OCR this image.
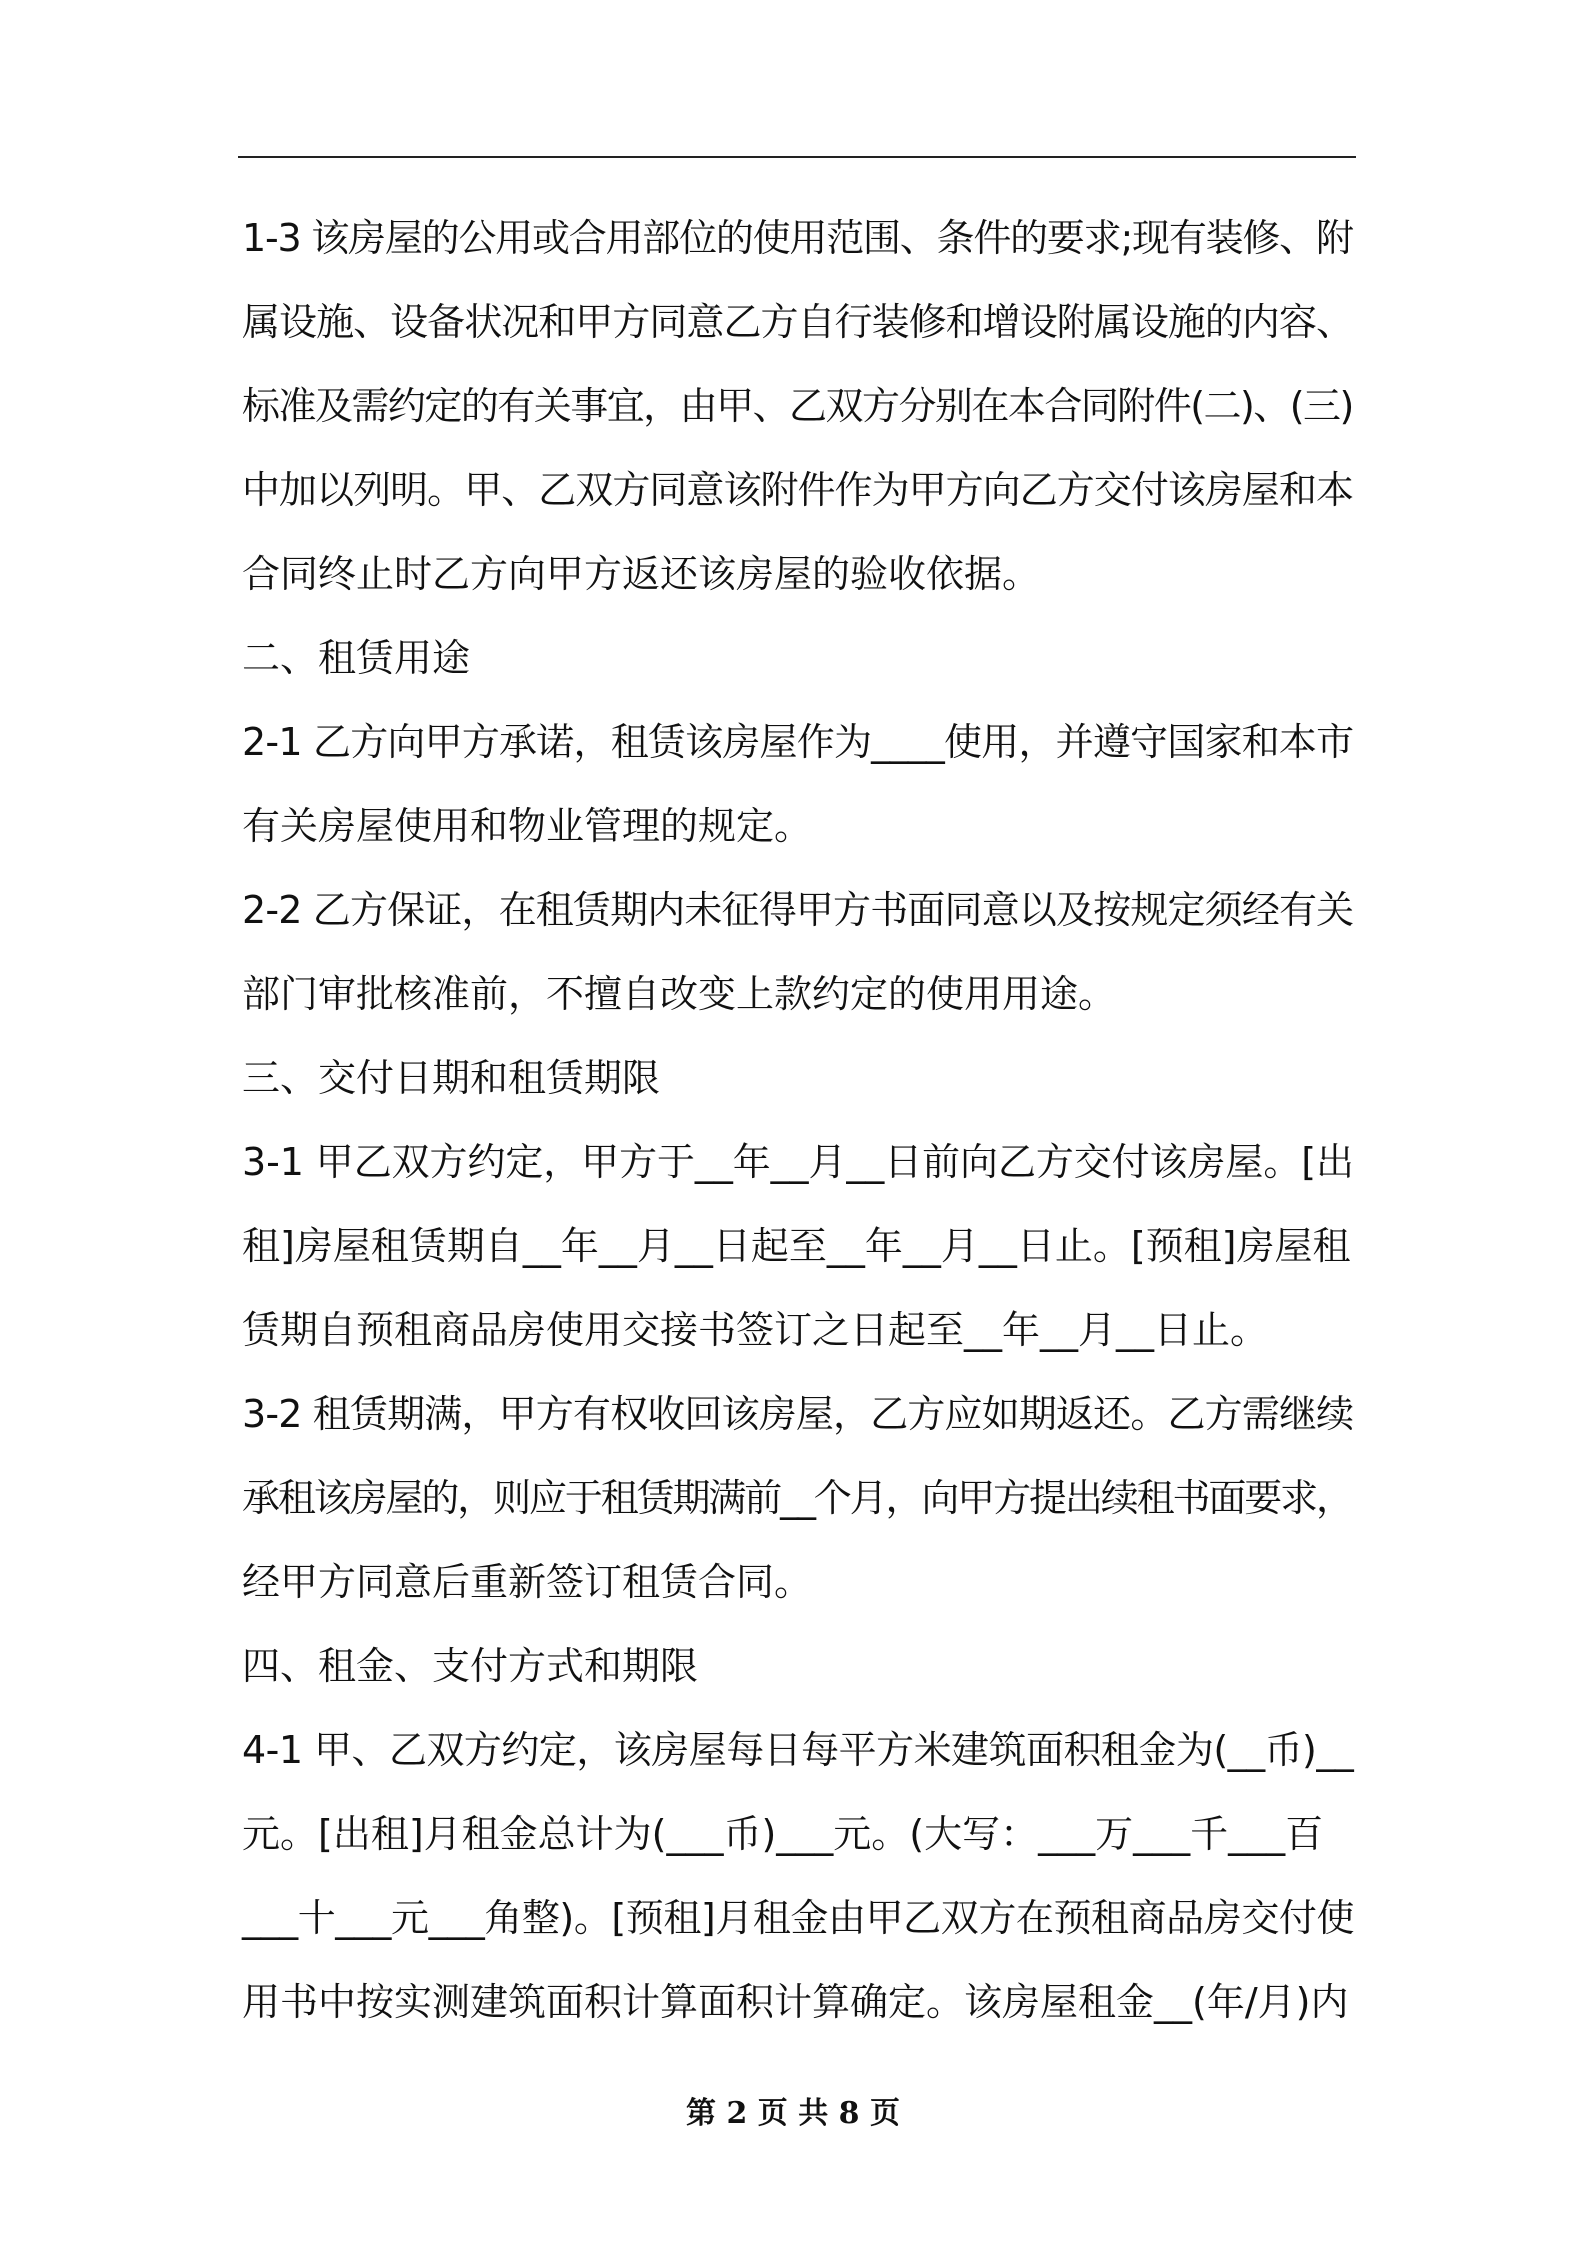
1-3 该房屋的公用或合用部位的使用范围、条件的要求;现有装修、附
属设施、设备状况和甲方同意乙方自行装修和增设附属设施的内容、
标准及需约定的有关事宜，由甲、乙双方分别在本合同附件(二)、(三)
中加以列明。甲、乙双方同意该附件作为甲方向乙方交付该房屋和本
合同终止时乙方向甲方返还该房屋的验收依据。
二、租赁用途
2-1 乙方向甲方承诺，租赁该房屋作为____使用，并遵守国家和本市
有关房屋使用和物业管理的规定。
2-2 乙方保证，在租赁期内未征得甲方书面同意以及按规定须经有关
部门审批核准前，不擅自改变上款约定的使用用途。
三、交付日期和租赁期限
3-1 甲乙双方约定，甲方于__年__月__日前向乙方交付该房屋。[出
租]房屋租赁期自__年__月__日起至__年__月__日止。[预租]房屋租
赁期自预租商品房使用交接书签订之日起至__年__月__日止。
3-2 租赁期满，甲方有权收回该房屋，乙方应如期返还。乙方需继续
承租该房屋的，则应于租赁期满前__个月，向甲方提出续租书面要求，
经甲方同意后重新签订租赁合同。
四、租金、支付方式和期限
4-1 甲、乙双方约定，该房屋每日每平方米建筑面积租金为(__币)__
元。[出租]月租金总计为(___币)___元。(大写：___万___千___百
___十___元___角整)。[预租]月租金由甲乙双方在预租商品房交付使
用书中按实测建筑面积计算面积计算确定。该房屋租金__(年/月)内
第 2 页 共 8 页
